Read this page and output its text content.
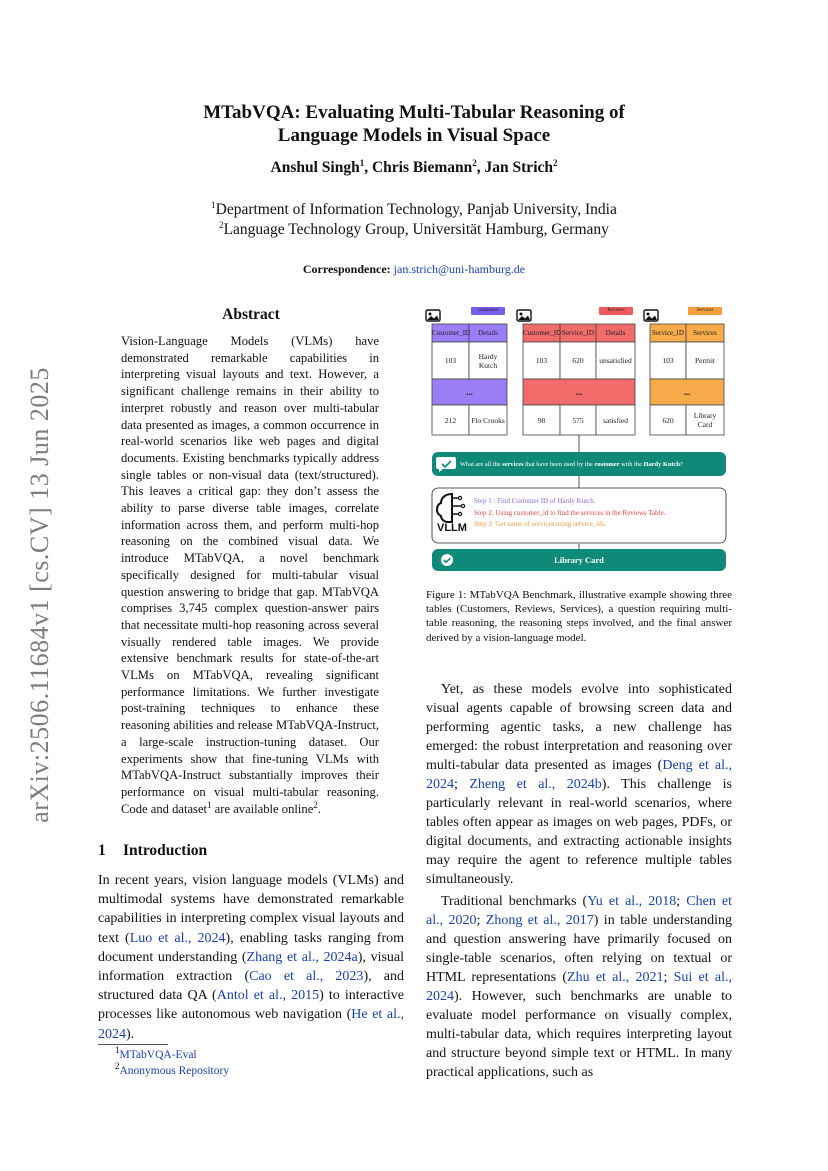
arXiv:2506.11684v1 [cs.CV] 13 Jun 2025
MTabVQA: Evaluating Multi-Tabular Reasoning of
Language Models in Visual Space
Anshul Singh$^1$, Chris Biemann$^2$, Jan Strich$^2$
$^1$Department of Information Technology, Panjab University, India
$^2$Language Technology Group, Universität Hamburg, Germany
Correspondence: jan.strich@uni-hamburg.de
Abstract
Vision-Language Models (VLMs) have demonstrated remarkable capabilities in interpreting visual layouts and text. However, a significant challenge remains in their ability to interpret robustly and reason over multi-tabular data presented as images, a common occurrence in real-world scenarios like web pages and digital documents. Existing benchmarks typically address single tables or non-visual data (text/structured). This leaves a critical gap: they don’t assess the ability to parse diverse table images, correlate information across them, and perform multi-hop reasoning on the combined visual data. We introduce MTabVQA, a novel benchmark specifically designed for multi-tabular visual question answering to bridge that gap. MTabVQA comprises 3,745 complex question-answer pairs that necessitate multi-hop reasoning across several visually rendered table images. We provide extensive benchmark results for state-of-the-art VLMs on MTabVQA, revealing significant performance limitations. We further investigate post-training techniques to enhance these reasoning abilities and release MTabVQA-Instruct, a large-scale instruction-tuning dataset. Our experiments show that fine-tuning VLMs with MTabVQA-Instruct substantially improves their performance on visual multi-tabular reasoning. Code and dataset$^1$ are available online$^2$.
1 Introduction
In recent years, vision language models (VLMs) and multimodal systems have demonstrated remarkable capabilities in interpreting complex visual layouts and text (Luo et al., 2024), enabling tasks ranging from document understanding (Zhang et al., 2024a), visual information extraction (Cao et al., 2023), and structured data QA (Antol et al., 2015) to interactive processes like autonomous web navigation (He et al., 2024).
$^1$MTabVQA-Eval
$^2$Anonymous Repository

Yet, as these models evolve into sophisticated visual agents capable of browsing screen data and performing agentic tasks, a new challenge has emerged: the robust interpretation and reasoning over multi-tabular data presented as images (Deng et al., 2024; Zheng et al., 2024b). This challenge is particularly relevant in real-world scenarios, where tables often appear as images on web pages, PDFs, or digital documents, and extracting actionable insights may require the agent to reference multiple tables simultaneously.

Traditional benchmarks (Yu et al., 2018; Chen et al., 2020; Zhong et al., 2017) in table understanding and question answering have primarily focused on single-table scenarios, often relying on textual or HTML representations (Zhu et al., 2021; Sui et al., 2024). However, such benchmarks are unable to evaluate model performance on visually complex, multi-tabular data, which requires interpreting layout and structure beyond simple text or HTML. In many practical applications, such as

customers
Customer_ID	Details
103	Hardy Kutch
...
212	Flo Crooks
Reviews
Customer_ID Service_ID	Details
103	620	unsatisfied
...
98	575	satisfied
Services
Service_ID	Services
103	Permit
...
620	Library Card
What are all the services that have been used by the customer with the Hardy Kutch ?
VLLM
Step 1 : Find Customer ID of Hardy Kutch.
Step 2: Using customer_id to find the services in the Reviews Table.
Step 3: Get name of services using service_ids.
Library Card
Figure 1: MTabVQA Benchmark, illustrative example showing three tables (Customers, Reviews, Services), a question requiring multi-table reasoning, the reasoning steps involved, and the final answer derived by a vision-language model.
